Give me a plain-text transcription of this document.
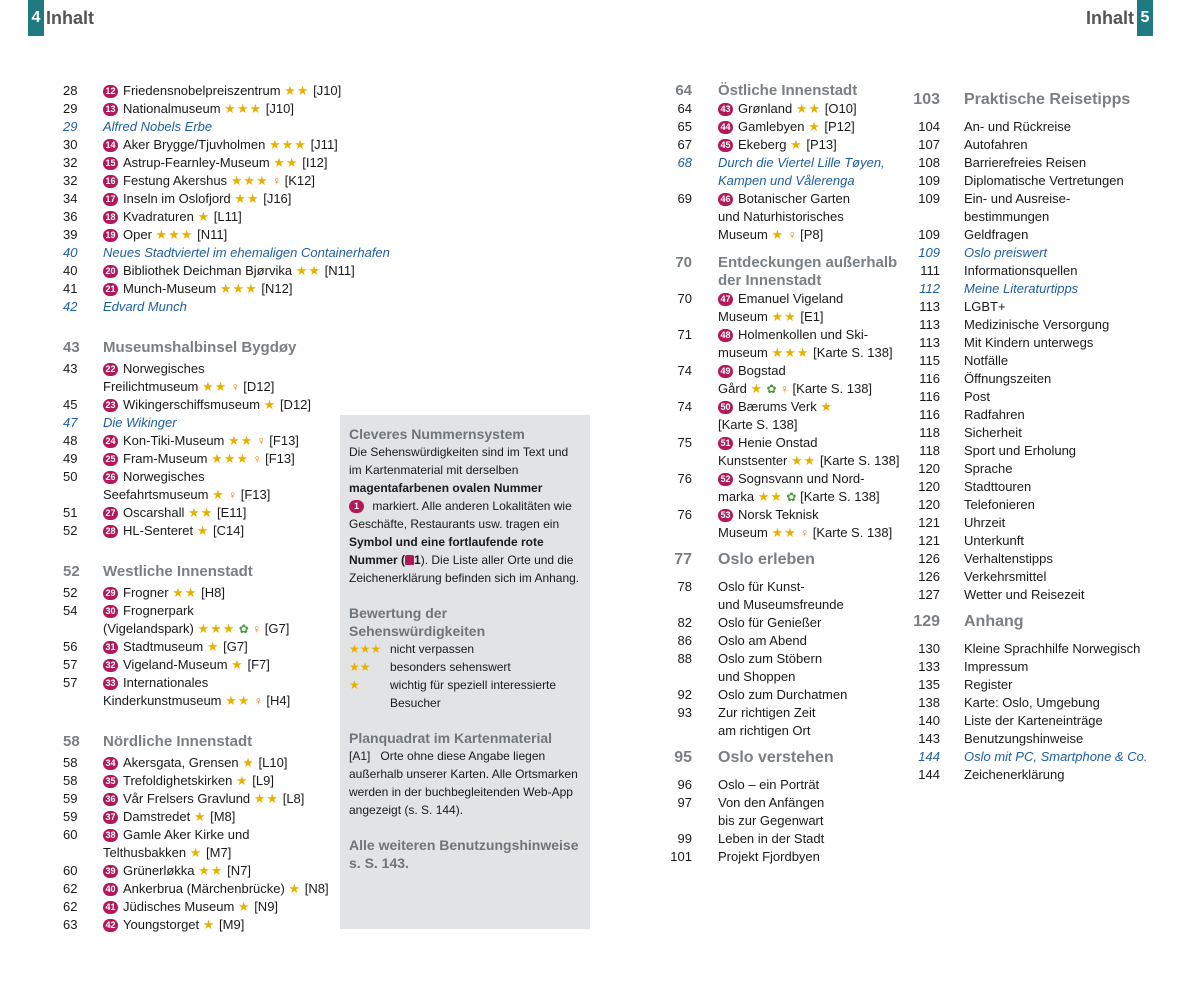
4 Inhalt	Inhalt 5
28	12 Friedensnobelpreiszentrum ★★ [J10]
29	13 Nationalmuseum ★★★ [J10]
29	Alfred Nobels Erbe
30	14 Aker Brygge/Tjuvholmen ★★★ [J11]
32	15 Astrup-Fearnley-Museum ★★ [I12]
32	16 Festung Akershus ★★★ ♀ [K12]
34	17 Inseln im Oslofjord ★★ [J16]
36	18 Kvadraturen ★ [L11]
39	19 Oper ★★★ [N11]
40	Neues Stadtviertel im ehemaligen Containerhafen
40	20 Bibliothek Deichman Bjørvika ★★ [N11]
41	21 Munch-Museum ★★★ [N12]
42	Edvard Munch
43	Museumshalbinsel Bygdøy
43	22 Norwegisches
Freilichtmuseum ★★ ♀ [D12]
45	23 Wikingerschiffsmuseum ★ [D12]
47	Die Wikinger
48	24 Kon-Tiki-Museum ★★ ♀ [F13]
49	25 Fram-Museum ★★★ ♀ [F13]
50	26 Norwegisches
Seefahrtsmuseum ★ ♀ [F13]
51	27 Oscarshall ★★ [E11]
52	28 HL-Senteret ★ [C14]
52	Westliche Innenstadt
52	29 Frogner ★★ [H8]
54	30 Frognerpark
(Vigelandspark) ★★★ ✿ ♀ [G7]
56	31 Stadtmuseum ★ [G7]
57	32 Vigeland-Museum ★ [F7]
57	33 Internationales
Kinderkunstmuseum ★★ ♀ [H4]
58	Nördliche Innenstadt
58	34 Akersgata, Grensen ★ [L10]
58	35 Trefoldighetskirken ★ [L9]
59	36 Vår Frelsers Gravlund ★★ [L8]
59	37 Damstredet ★ [M8]
60	38 Gamle Aker Kirke und
Telthusbakken ★ [M7]
60	39 Grünerløkka ★★ [N7]
62	40 Ankerbrua (Märchenbrücke) ★ [N8]
62	41 Jüdisches Museum ★ [N9]
63	42 Youngstorget ★ [M9]
64 Östliche Innenstadt
64	43 Grønland ★★ [O10]
65	44 Gamlebyen ★ [P12]
67	45 Ekeberg ★ [P13]
68 Durch die Viertel Lille Tøyen,
Kampen und Vålerenga
69	46 Botanischer Garten
und Naturhistorisches
Museum ★ ♀ [P8]
70 Entdeckungen außerhalb
der Innenstadt
70	47 Emanuel Vigeland
Museum ★★ [E1]
71	48 Holmenkollen und Ski-
museum ★★★ [Karte S. 138]
74	49 Bogstad
Gård ★ ✿ ♀ [Karte S. 138]
74	50 Bærums Verk ★
[Karte S. 138]
75	51 Henie Onstad
Kunstsenter ★★ [Karte S. 138]
76	52 Sognsvann und Nord-
marka ★★ ✿ [Karte S. 138]
76	53 Norsk Teknisk
Museum ★★ ♀ [Karte S. 138]
77 Oslo erleben
78 Oslo für Kunst-
und Museumsfreunde
82 Oslo für Genießer
86 Oslo am Abend
88 Oslo zum Stöbern
und Shoppen
92 Oslo zum Durchatmen
93 Zur richtigen Zeit
am richtigen Ort
95 Oslo verstehen
96 Oslo – ein Porträt
97 Von den Anfängen
bis zur Gegenwart
99 Leben in der Stadt
101 Projekt Fjordbyen
103 Praktische Reisetipps
104 An- und Rückreise
107 Autofahren
108 Barrierefreies Reisen
109 Diplomatische Vertretungen
109 Ein- und Ausreise-
bestimmungen
109 Geldfragen
109 Oslo preiswert
111 Informationsquellen
112 Meine Literaturtipps
113 LGBT+
113 Medizinische Versorgung
113 Mit Kindern unterwegs
115 Notfälle
116 Öffnungszeiten
116 Post
116 Radfahren
118 Sicherheit
118 Sport und Erholung
120 Sprache
120 Stadttouren
120 Telefonieren
121 Uhrzeit
121 Unterkunft
126 Verhaltenstipps
126 Verkehrsmittel
127 Wetter und Reisezeit
129 Anhang
130 Kleine Sprachhilfe Norwegisch
133 Impressum
135 Register
138 Karte: Oslo, Umgebung
140 Liste der Karteneinträge
143 Benutzungshinweise
144 Oslo mit PC, Smartphone & Co.
144 Zeichenerklärung
Cleveres Nummernsystem

Die Sehenswürdigkeiten sind im Text und im Kartenmaterial mit derselben magentafarbenen ovalen Nummer
1 markiert. Alle anderen Lokalitäten wie Geschäfte, Restaurants usw. tragen ein Symbol und eine fortlaufende rote Nummer ( 1). Die Liste aller Orte und die Zeichenerklärung befinden sich im Anhang.

Bewertung der Sehenswürdigkeiten
★★★ nicht verpassen
★★	besonders sehenswert
★	wichtig für speziell interessierte Besucher
Planquadrat im Kartenmaterial

[A1] Orte ohne diese Angabe liegen außerhalb unserer Karten. Alle Ortsmarken werden in der buchbegleitenden Web-App angezeigt (s. S. 144).

Alle weiteren Benutzungshinweise s. S. 143.
